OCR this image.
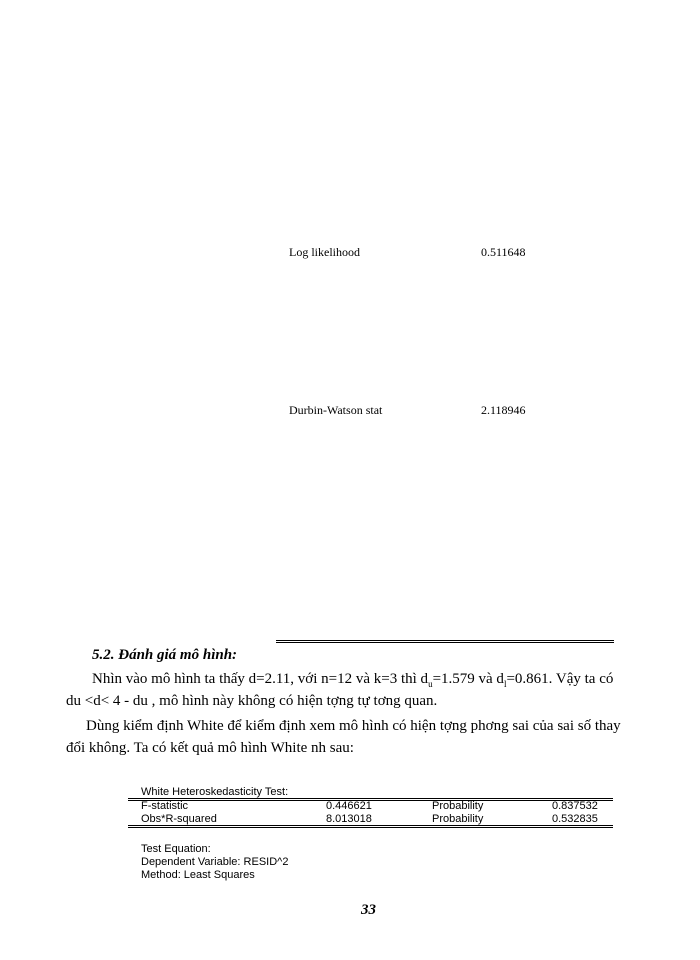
Log likelihood	0.511648
Durbin-Watson stat	2.118946
5.2. Đánh giá mô hình:
Nhìn vào mô hình ta thấy d=2.11, với n=12 và k=3 thì $d_u=1.579$ và $d_l=0.861$. Vậy ta có
du <d< 4 - du , mô hình này không có hiện tợng tự tơng quan.
Dùng kiểm định White để kiểm định xem mô hình có hiện tợng phơng sai của sai số thay
đổi không. Ta có kết quả mô hình White nh sau:
White Heteroskedasticity Test:
F-statistic	0.446621	Probability	0.837532
Obs*R-squared	8.013018	Probability	0.532835
Test Equation:
Dependent Variable: RESID^2
Method: Least Squares
33
